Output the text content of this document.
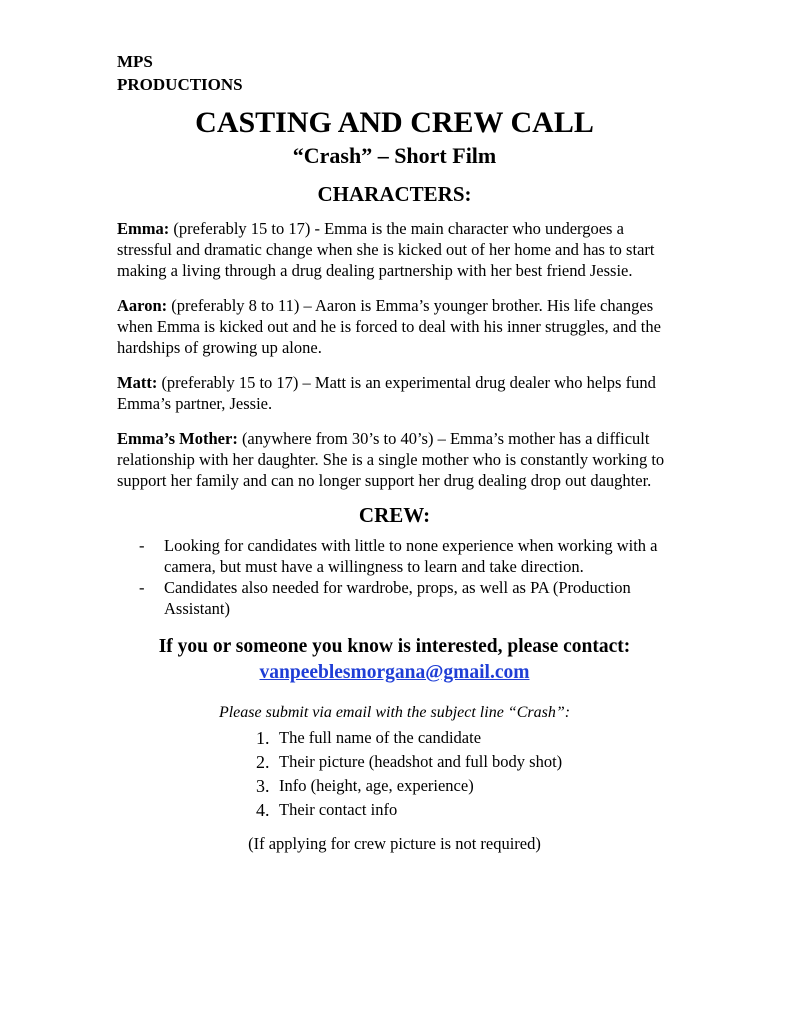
MPS
PRODUCTIONS
CASTING AND CREW CALL
“Crash” – Short Film
CHARACTERS:
Emma: (preferably 15 to 17) - Emma is the main character who undergoes a stressful and dramatic change when she is kicked out of her home and has to start making a living through a drug dealing partnership with her best friend Jessie.
Aaron: (preferably 8 to 11) – Aaron is Emma’s younger brother. His life changes when Emma is kicked out and he is forced to deal with his inner struggles, and the hardships of growing up alone.
Matt: (preferably 15 to 17) – Matt is an experimental drug dealer who helps fund Emma’s partner, Jessie.
Emma’s Mother: (anywhere from 30’s to 40’s) – Emma’s mother has a difficult relationship with her daughter. She is a single mother who is constantly working to support her family and can no longer support her drug dealing drop out daughter.
CREW:
- Looking for candidates with little to none experience when working with a camera, but must have a willingness to learn and take direction.
- Candidates also needed for wardrobe, props, as well as PA (Production Assistant)
If you or someone you know is interested, please contact:
vanpeeblesmorgana@gmail.com
Please submit via email with the subject line “Crash”:
1. The full name of the candidate
2. Their picture (headshot and full body shot)
3. Info (height, age, experience)
4. Their contact info
(If applying for crew picture is not required)
